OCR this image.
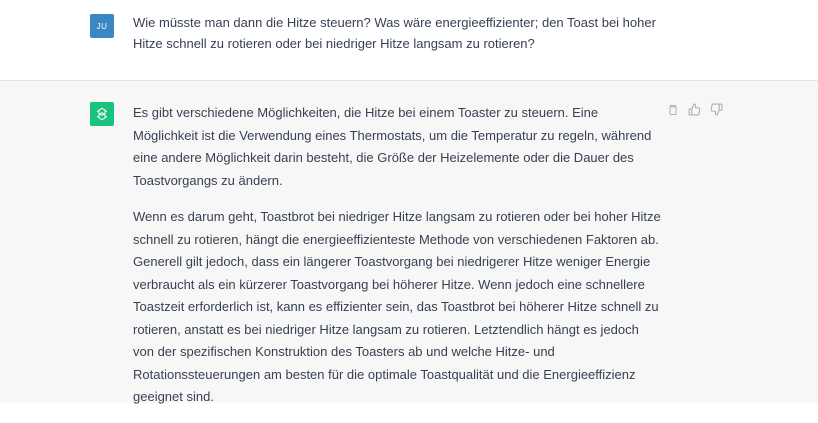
JU Wie müsste man dann die Hitze steuern? Was wäre energieeffizienter; den Toast bei hoher Hitze schnell zu rotieren oder bei niedriger Hitze langsam zu rotieren?

Es gibt verschiedene Möglichkeiten, die Hitze bei einem Toaster zu steuern. Eine Möglichkeit ist die Verwendung eines Thermostats, um die Temperatur zu regeln, während eine andere Möglichkeit darin besteht, die Größe der Heizelemente oder die Dauer des Toastvorgangs zu ändern.

Wenn es darum geht, Toastbrot bei niedriger Hitze langsam zu rotieren oder bei hoher Hitze schnell zu rotieren, hängt die energieeffizienteste Methode von verschiedenen Faktoren ab. Generell gilt jedoch, dass ein längerer Toastvorgang bei niedrigerer Hitze weniger Energie verbraucht als ein kürzerer Toastvorgang bei höherer Hitze. Wenn jedoch eine schnellere Toastzeit erforderlich ist, kann es effizienter sein, das Toastbrot bei höherer Hitze schnell zu rotieren, anstatt es bei niedriger Hitze langsam zu rotieren. Letztendlich hängt es jedoch von der spezifischen Konstruktion des Toasters ab und welche Hitze- und Rotationssteuerungen am besten für die optimale Toastqualität und die Energieeffizienz geeignet sind.
